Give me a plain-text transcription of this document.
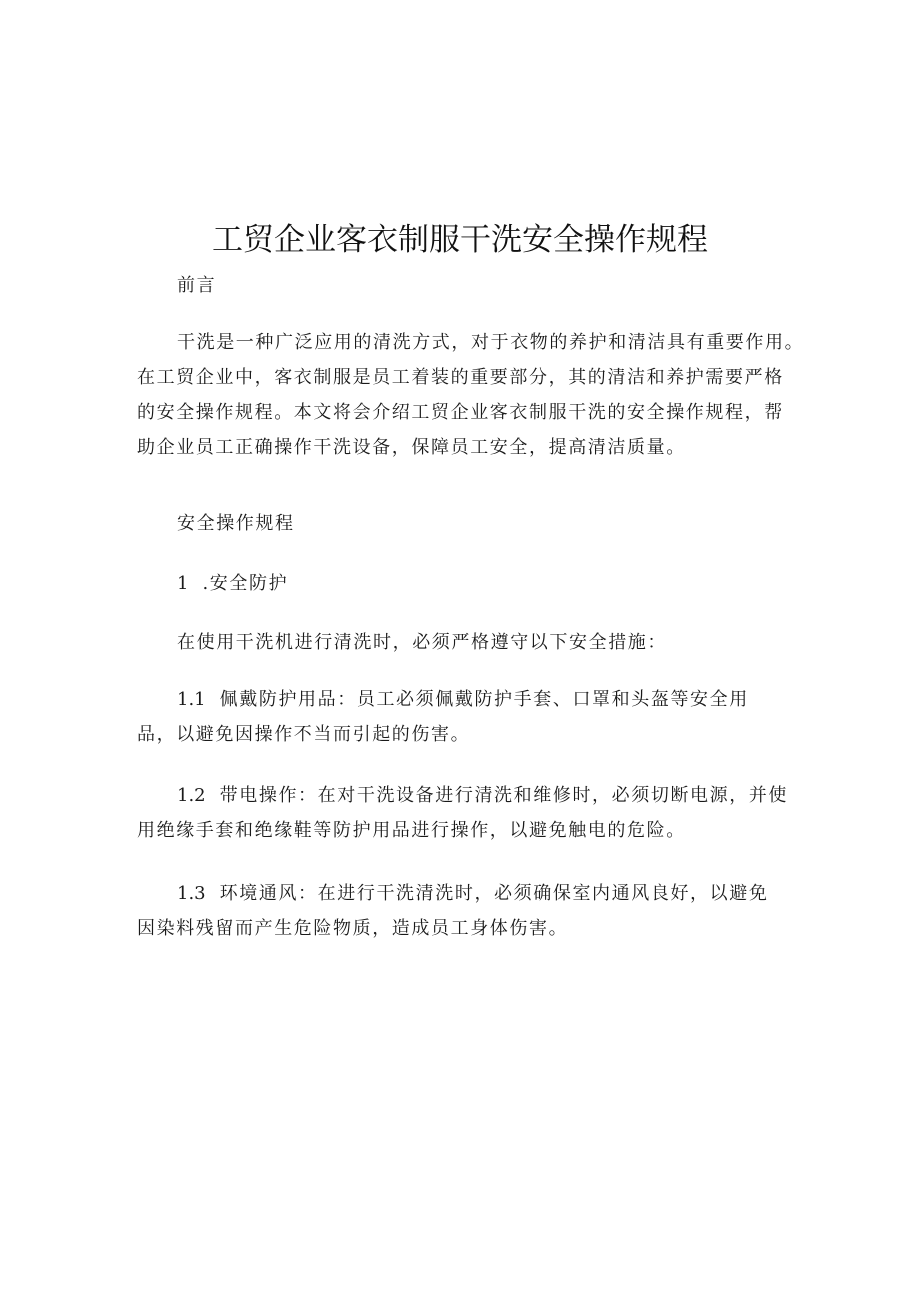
工贸企业客衣制服干洗安全操作规程
前言
干洗是一种广泛应用的清洗方式，对于衣物的养护和清洁具有重要作用。
在工贸企业中，客衣制服是员工着装的重要部分，其的清洁和养护需要严格
的安全操作规程。本文将会介绍工贸企业客衣制服干洗的安全操作规程，帮
助企业员工正确操作干洗设备，保障员工安全，提高清洁质量。
安全操作规程
1 .安全防护
在使用干洗机进行清洗时，必须严格遵守以下安全措施：
1.1 佩戴防护用品：员工必须佩戴防护手套、口罩和头盔等安全用
品，以避免因操作不当而引起的伤害。
1.2 带电操作：在对干洗设备进行清洗和维修时，必须切断电源，并使
用绝缘手套和绝缘鞋等防护用品进行操作，以避免触电的危险。
1.3 环境通风：在进行干洗清洗时，必须确保室内通风良好，以避免
因染料残留而产生危险物质，造成员工身体伤害。
